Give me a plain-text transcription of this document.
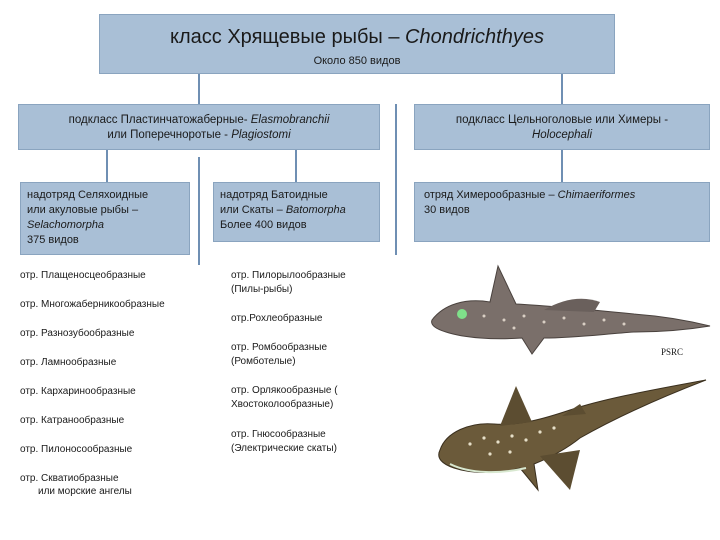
класс Хрящевые рыбы – Chondrichthyes
Около 850 видов
подкласс Пластинчатожаберные- Elasmobranchii
или Поперечноротые - Plagiostomi
подкласс Цельноголовые или Химеры -
Holocephali
надотряд Селяхоидные
или акуловые рыбы –
Selachomorpha
375 видов
надотряд Батоидные
или Скаты – Batomorpha
Более 400 видов
отряд Химерообразные – Chimaeriformes
30 видов
отр. Плащеносцеобразные
отр. Многожаберникообразные
отр. Разнозубообразные
отр. Ламнообразные
отр. Кархаринообразные
отр. Катранообразные
отр. Пилоносообразные
отр. Скватиобразные
или морские ангелы
отр. Пилорылообразные
(Пилы-рыбы)
отр.Рохлеобразные
отр. Ромбообразные
(Ромботелые)
отр. Орлякообразные (
Хвостоколообразные)
отр. Гнюсообразные
(Электрические скаты)
PSRC
